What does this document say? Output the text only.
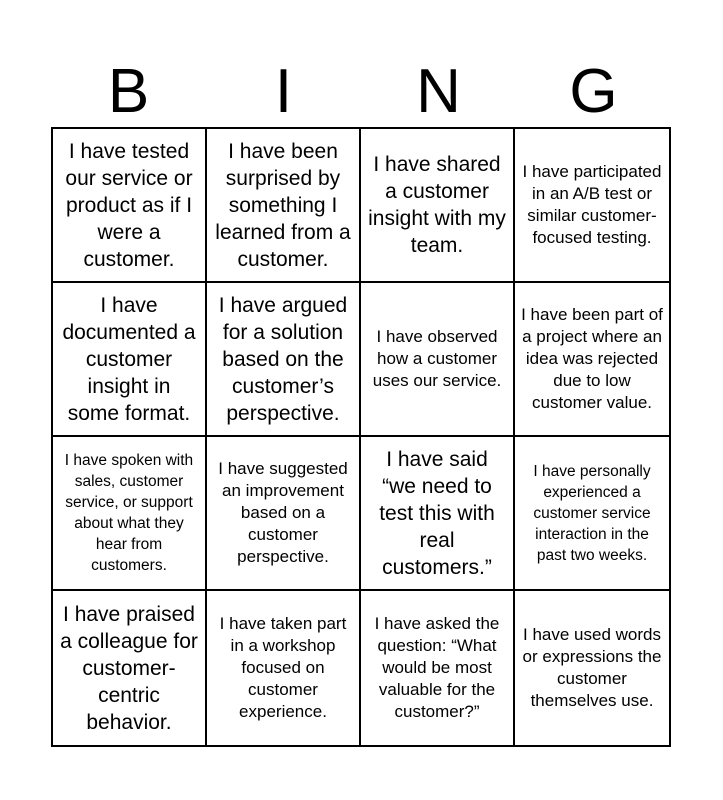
B	I	N	G
I have tested our service or product as if I were a customer.
I have been surprised by something I learned from a customer.
I have shared a customer insight with my team.
I have participated in an A/B test or similar customer-focused testing.
I have documented a customer insight in some format.
I have argued for a solution based on the customer’s perspective.
I have observed how a customer uses our service.
I have been part of a project where an idea was rejected due to low customer value.
I have spoken with sales, customer service, or support about what they hear from customers.
I have suggested an improvement based on a customer perspective.
I have said “we need to test this with real customers.”
I have personally experienced a customer service interaction in the past two weeks.
I have praised a colleague for customer-centric behavior.
I have taken part in a workshop focused on customer experience.
I have asked the question: “What would be most valuable for the customer?”
I have used words or expressions the customer themselves use.
